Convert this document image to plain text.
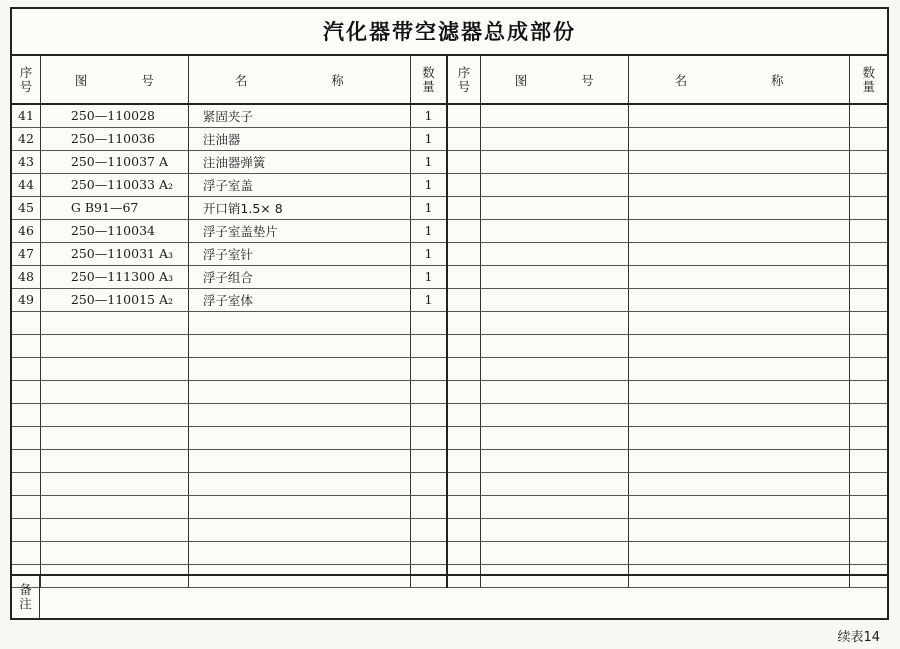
汽化器带空滤器总成部份
序号	图 号	名 称	数量	序号	图 号	名 称	数量
41	250—110028	紧固夹子	1				
42	250—110036	注油器	1				
43	250—110037 A	注油器弹簧	1				
44	250—110033 A₂	浮子室盖	1				
45	G B91—67	开口销1.5× 8	1				
46	250—110034	浮子室盖垫片	1				
47	250—110031 A₃	浮子室针	1				
48	250—111300 A₃	浮子组合	1				
49	250—110015 A₂	浮子室体	1				

备注
续表14
